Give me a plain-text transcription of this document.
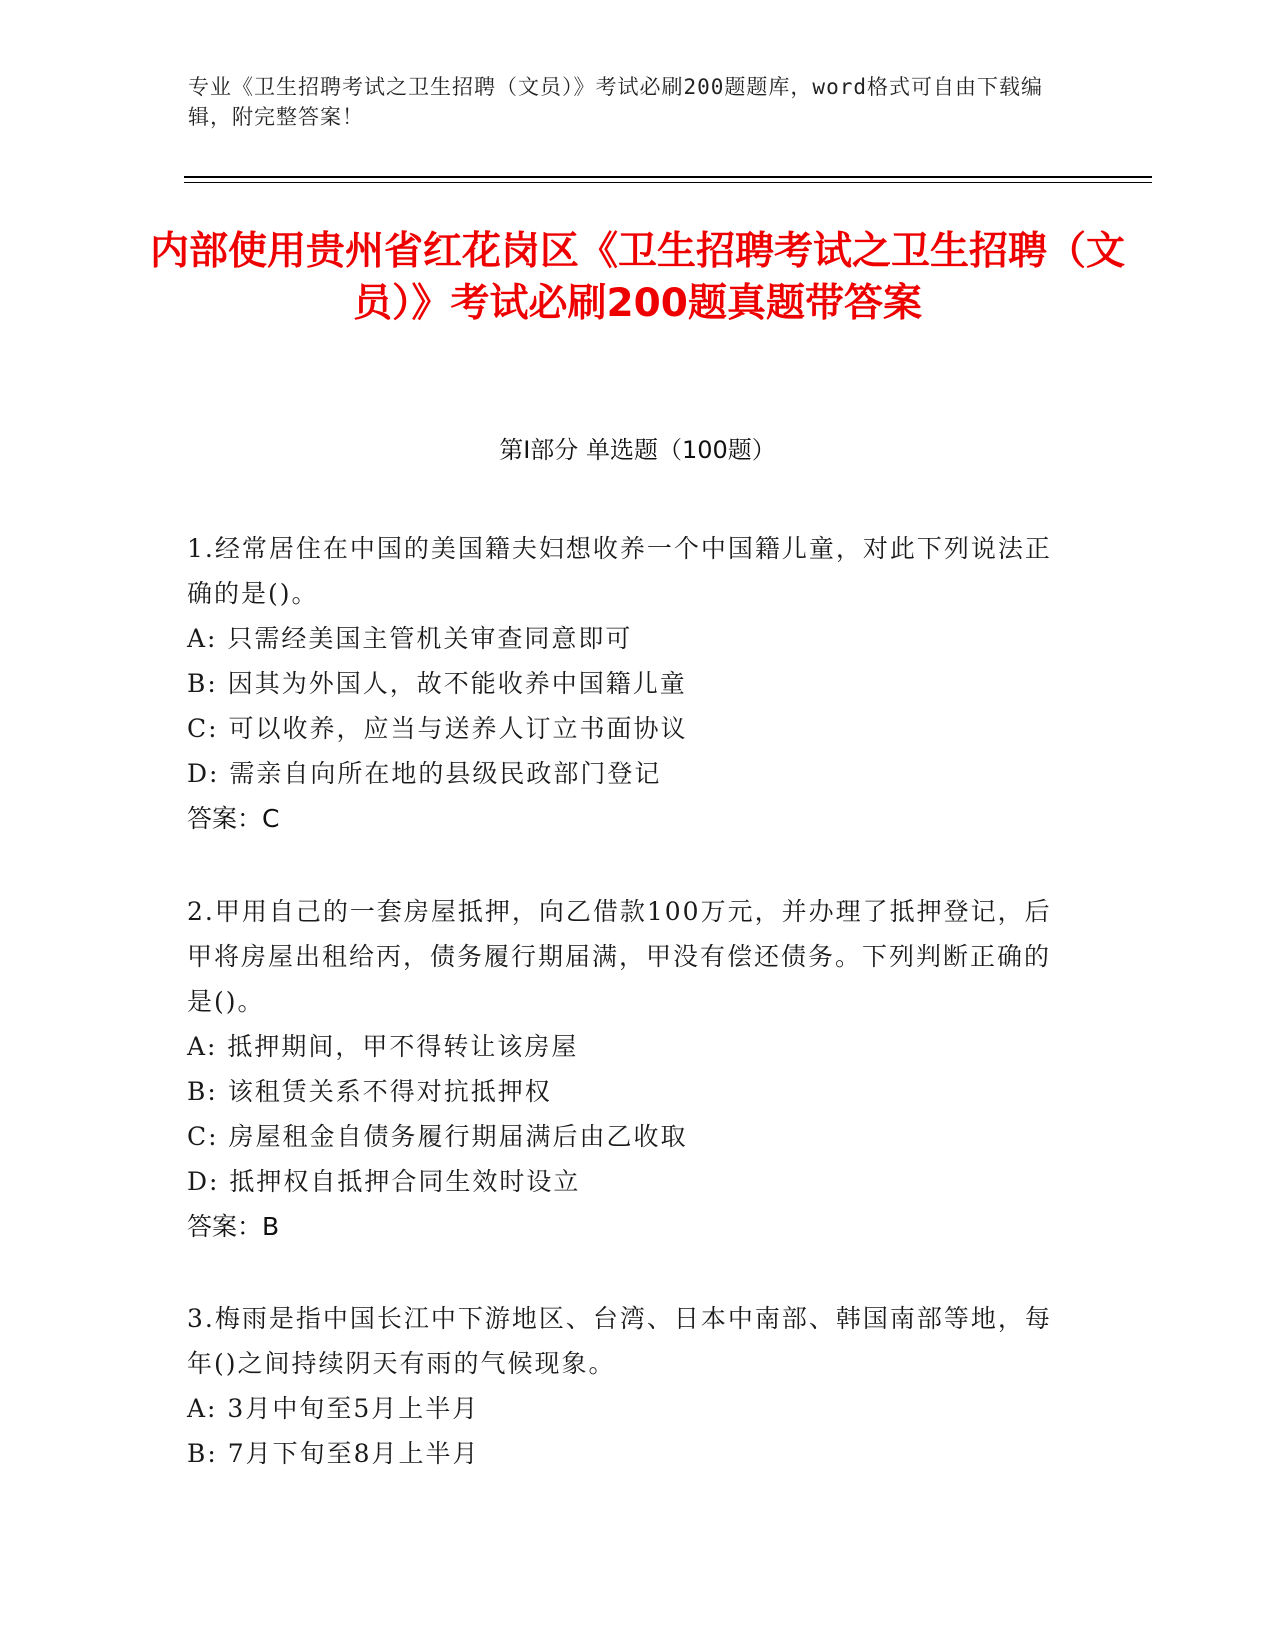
专业《卫生招聘考试之卫生招聘（文员）》考试必刷200题题库，word格式可自由下载编辑，附完整答案！
内部使用贵州省红花岗区《卫生招聘考试之卫生招聘（文员）》考试必刷200题真题带答案
第I部分 单选题（100题）
1.经常居住在中国的美国籍夫妇想收养一个中国籍儿童，对此下列说法正确的是()。
A: 只需经美国主管机关审查同意即可
B: 因其为外国人，故不能收养中国籍儿童
C: 可以收养，应当与送养人订立书面协议
D: 需亲自向所在地的县级民政部门登记
答案：C
2.甲用自己的一套房屋抵押，向乙借款100万元，并办理了抵押登记，后甲将房屋出租给丙，债务履行期届满，甲没有偿还债务。下列判断正确的是()。
A: 抵押期间，甲不得转让该房屋
B: 该租赁关系不得对抗抵押权
C: 房屋租金自债务履行期届满后由乙收取
D: 抵押权自抵押合同生效时设立
答案：B
3.梅雨是指中国长江中下游地区、台湾、日本中南部、韩国南部等地，每年()之间持续阴天有雨的气候现象。
A: 3月中旬至5月上半月
B: 7月下旬至8月上半月
